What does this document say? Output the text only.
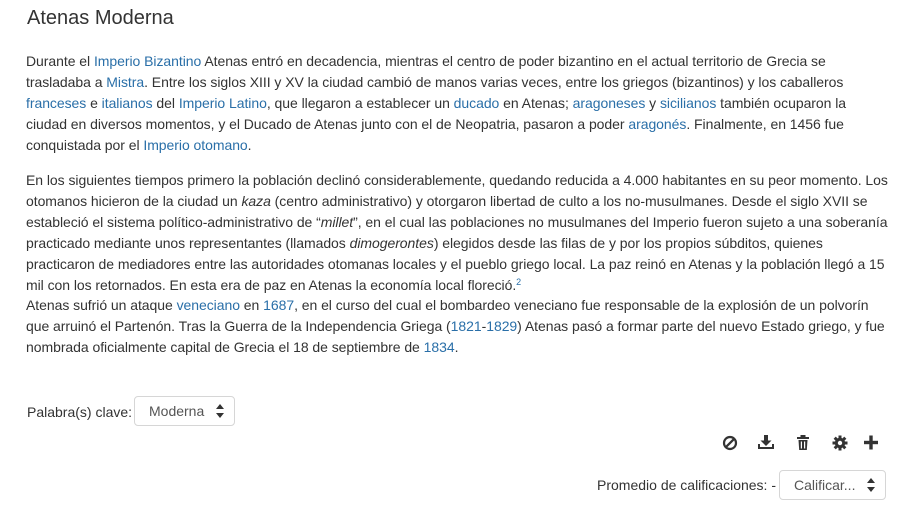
Atenas Moderna

Durante el Imperio Bizantino Atenas entró en decadencia, mientras el centro de poder bizantino en el actual territorio de Grecia se trasladaba a Mistra. Entre los siglos XIII y XV la ciudad cambió de manos varias veces, entre los griegos (bizantinos) y los caballeros franceses e italianos del Imperio Latino, que llegaron a establecer un ducado en Atenas; aragoneses y sicilianos también ocuparon la ciudad en diversos momentos, y el Ducado de Atenas junto con el de Neopatria, pasaron a poder aragonés. Finalmente, en 1456 fue conquistada por el Imperio otomano.

En los siguientes tiempos primero la población declinó considerablemente, quedando reducida a 4.000 habitantes en su peor momento. Los otomanos hicieron de la ciudad un kaza (centro administrativo) y otorgaron libertad de culto a los no-musulmanes. Desde el siglo XVII se estableció el sistema político-administrativo de “millet”, en el cual las poblaciones no musulmanes del Imperio fueron sujeto a una soberanía practicado mediante unos representantes (llamados dimogerontes) elegidos desde las filas de y por los propios súbditos, quienes practicaron de mediadores entre las autoridades otomanas locales y el pueblo griego local. La paz reinó en Atenas y la población llegó a 15 mil con los retornados. En esta era de paz en Atenas la economía local floreció.$^2$

Atenas sufrió un ataque veneciano en 1687, en el curso del cual el bombardeo veneciano fue responsable de la explosión de un polvorín que arruinó el Partenón. Tras la Guerra de la Independencia Griega (1821-1829) Atenas pasó a formar parte del nuevo Estado griego, y fue nombrada oficialmente capital de Grecia el 18 de septiembre de 1834.

Palabra(s) clave: Moderna
Promedio de calificaciones: - Calificar...
